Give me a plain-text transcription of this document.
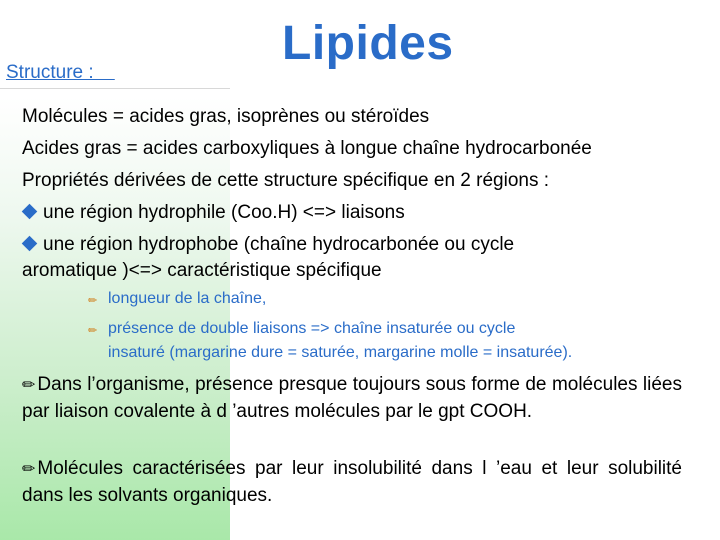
Structure :
Lipides
Molécules = acides gras, isoprènes ou stéroïdes
Acides gras = acides carboxyliques à longue chaîne hydrocarbonée
Propriétés dérivées de cette structure spécifique en 2 régions :
une région hydrophile (Coo.H) <=> liaisons
une région hydrophobe (chaîne hydrocarbonée ou cycle
aromatique )<=> caractéristique spécifique
✏ longueur de la chaîne,
✏ présence de double liaisons => chaîne insaturée ou cycle
insaturé (margarine dure = saturée, margarine molle = insaturée).
✏ Dans l’organisme, présence presque toujours sous forme de molécules liées par liaison covalente à d ’autres molécules par le gpt COOH.
✏ Molécules caractérisées par leur insolubilité dans l ’eau et leur solubilité dans les solvants organiques.
